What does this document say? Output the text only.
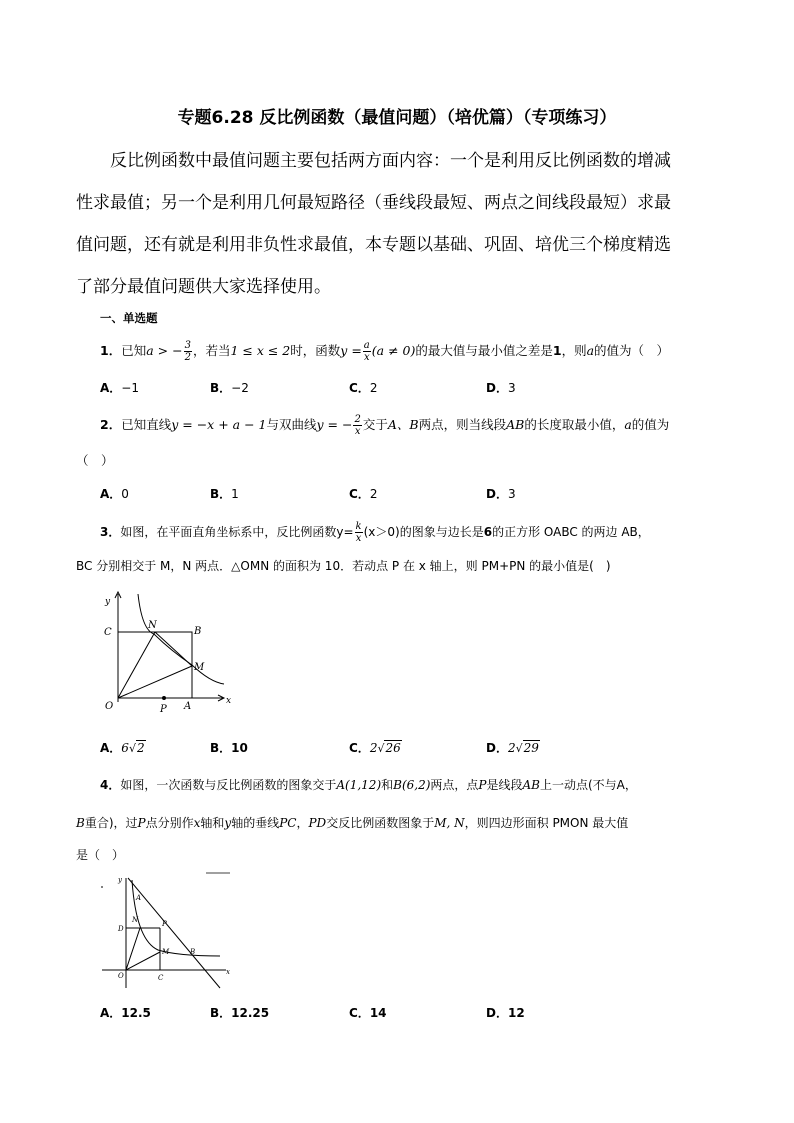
专题6.28 反比例函数（最值问题）（培优篇）（专项练习）
反比例函数中最值问题主要包括两方面内容：一个是利用反比例函数的增减
性求最值；另一个是利用几何最短路径（垂线段最短、两点之间线段最短）求最
值问题，还有就是利用非负性求最值，本专题以基础、巩固、培优三个梯度精选
了部分最值问题供大家选择使用。
一、单选题
1．已知a > − $\frac{3}{2}$ ，若当1 ≤ x ≤ 2时，函数$y = \frac{a}{x} (a \ne 0)$的最大值与最小值之差是1，则a的值为（　）
A．−1	B．−2	C．2	D．3
2．已知直线y = −x + a − 1与双曲线y = − $\frac{2}{x}$ 交于A、B两点，则当线段AB的长度取最小值，a的值为
（　）
A．0	B．1	C．2	D．3
3．如图，在平面直角坐标系中，反比例函数$y= \frac{k}{x} (x>0)$的图象与边长是6的正方形 OABC 的两边 AB，
BC 分别相交于 M，N 两点．△OMN 的面积为 10．若动点 P 在 x 轴上，则 PM+PN 的最小值是(　)
y
x
C
N
B
M
O	P A
A．6√2	B．10	C．2√26	D．2√29
4．如图，一次函数与反比例函数的图象交于A(1,12)和B(6,2)两点，点P是线段AB上一动点(不与A，
B重合)，过P点分别作x轴和y轴的垂线PC，PD交反比例函数图象于M, N，则四边形面积 PMON 最大值
是（　）
y
x
A
D
N	P
M	B
C
O
A．12.5	B．12.25	C．14	D．12
